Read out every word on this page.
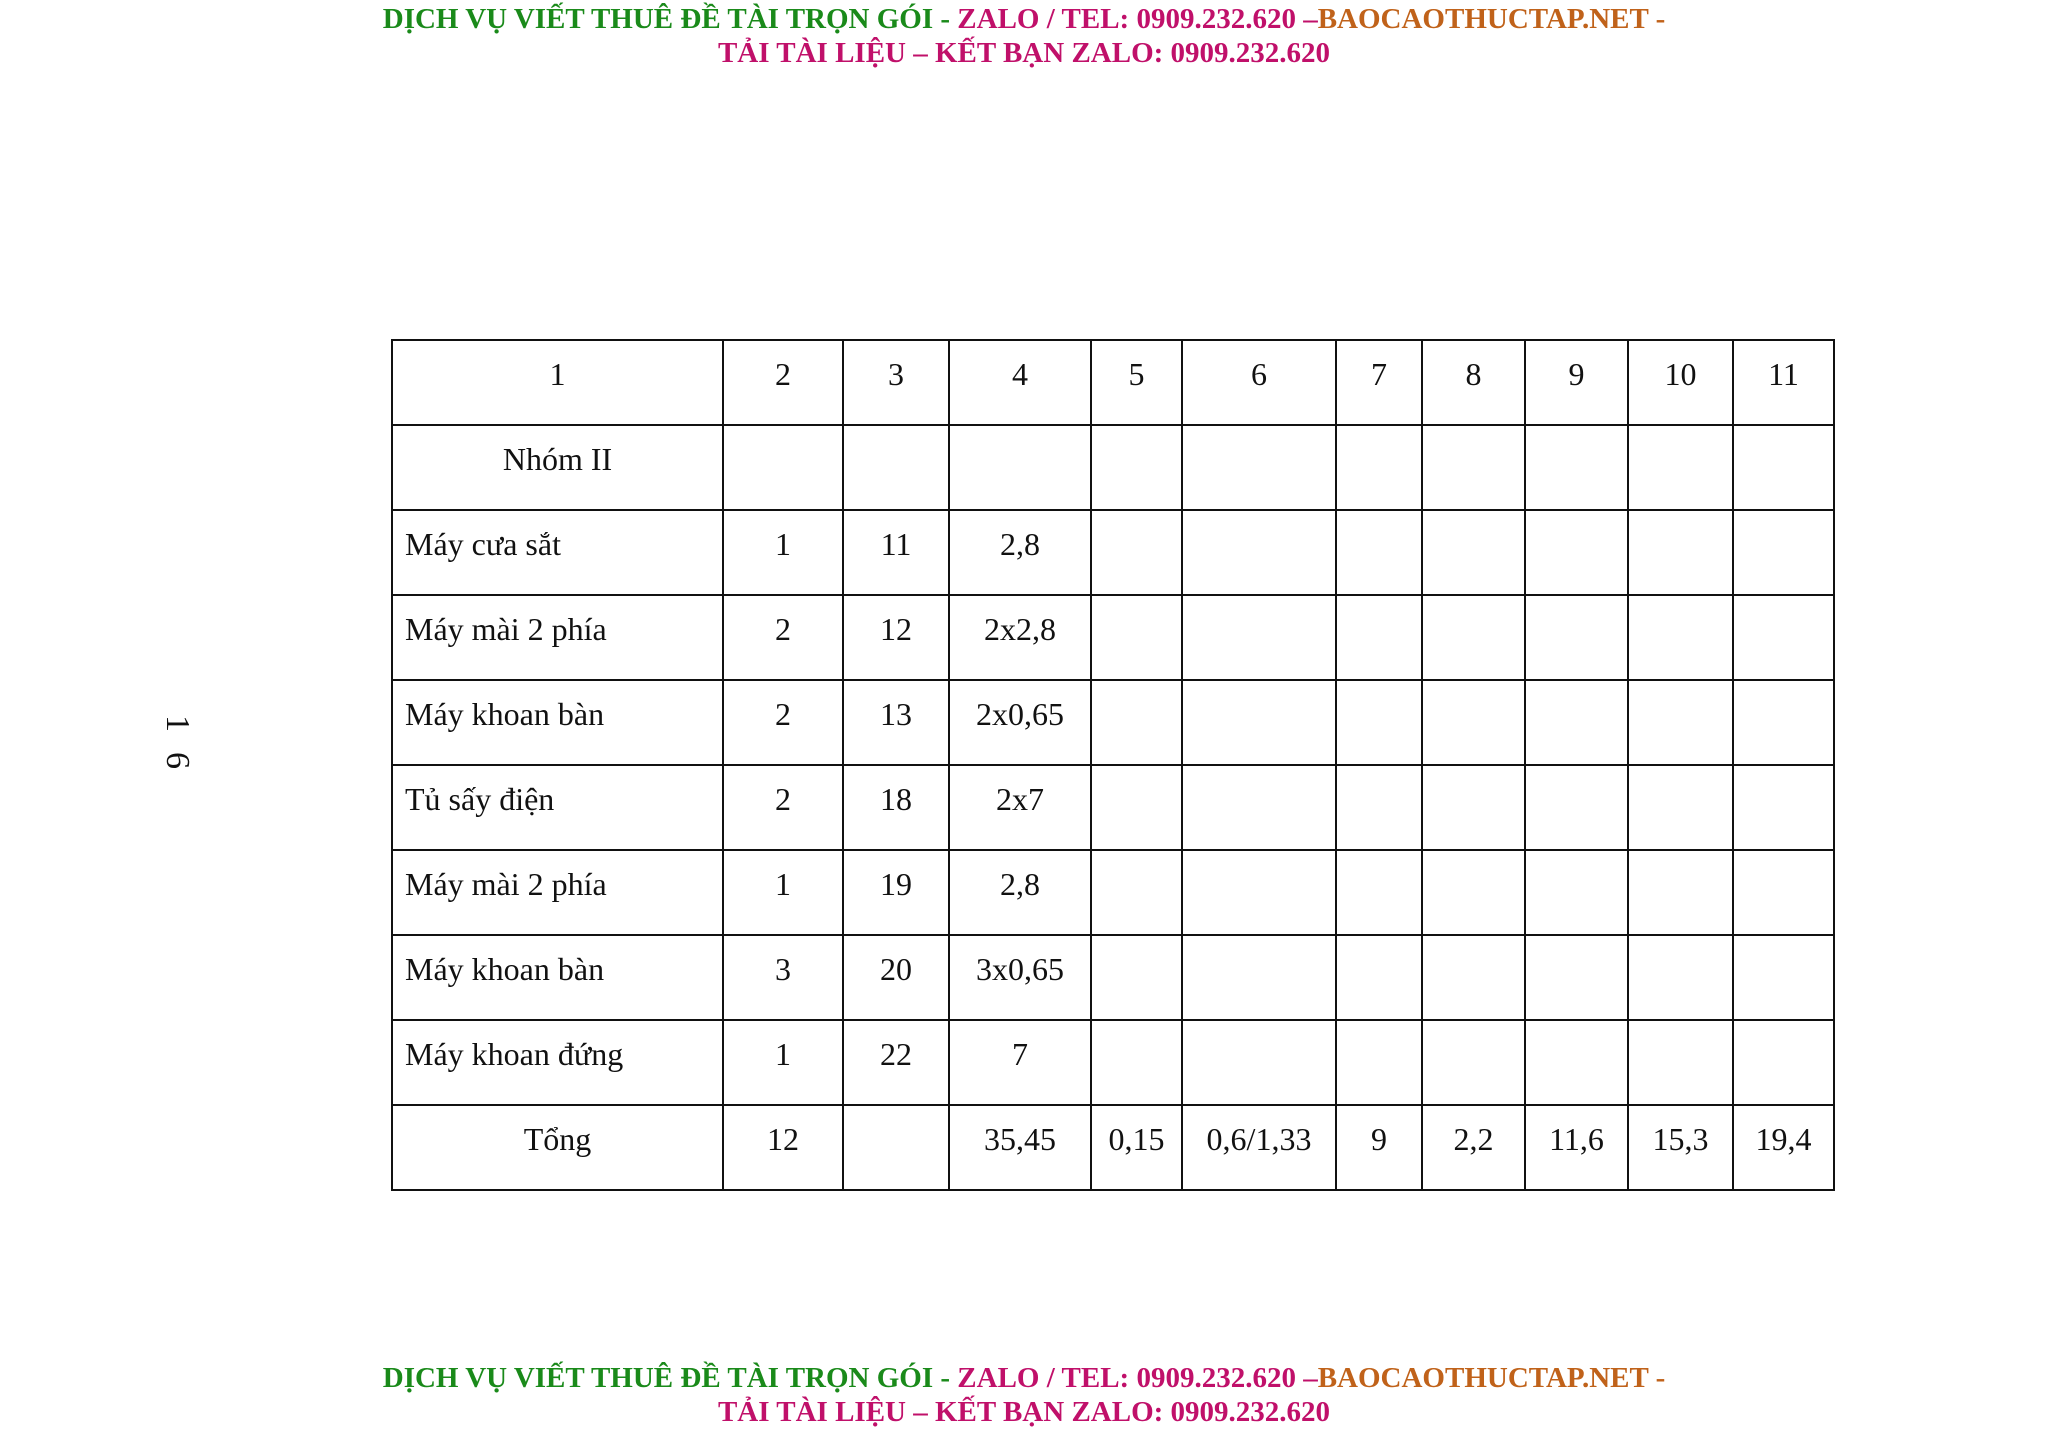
DỊCH VỤ VIẾT THUÊ ĐỀ TÀI TRỌN GÓI - ZALO / TEL: 0909.232.620 –BAOCAOTHUCTAP.NET -
TẢI TÀI LIỆU – KẾT BẠN ZALO: 0909.232.620
16
1	2	3	4	5	6	7	8	9	10	11
Nhóm II										
Máy cưa sắt	1	11	2,8							
Máy mài 2 phía	2	12	2x2,8							
Máy khoan bàn	2	13	2x0,65							
Tủ sấy điện	2	18	2x7							
Máy mài 2 phía	1	19	2,8							
Máy khoan bàn	3	20	3x0,65							
Máy khoan đứng	1	22	7							
Tổng	12		35,45	0,15	0,6/1,33	9	2,2	11,6	15,3	19,4
DỊCH VỤ VIẾT THUÊ ĐỀ TÀI TRỌN GÓI - ZALO / TEL: 0909.232.620 –BAOCAOTHUCTAP.NET -
TẢI TÀI LIỆU – KẾT BẠN ZALO: 0909.232.620
